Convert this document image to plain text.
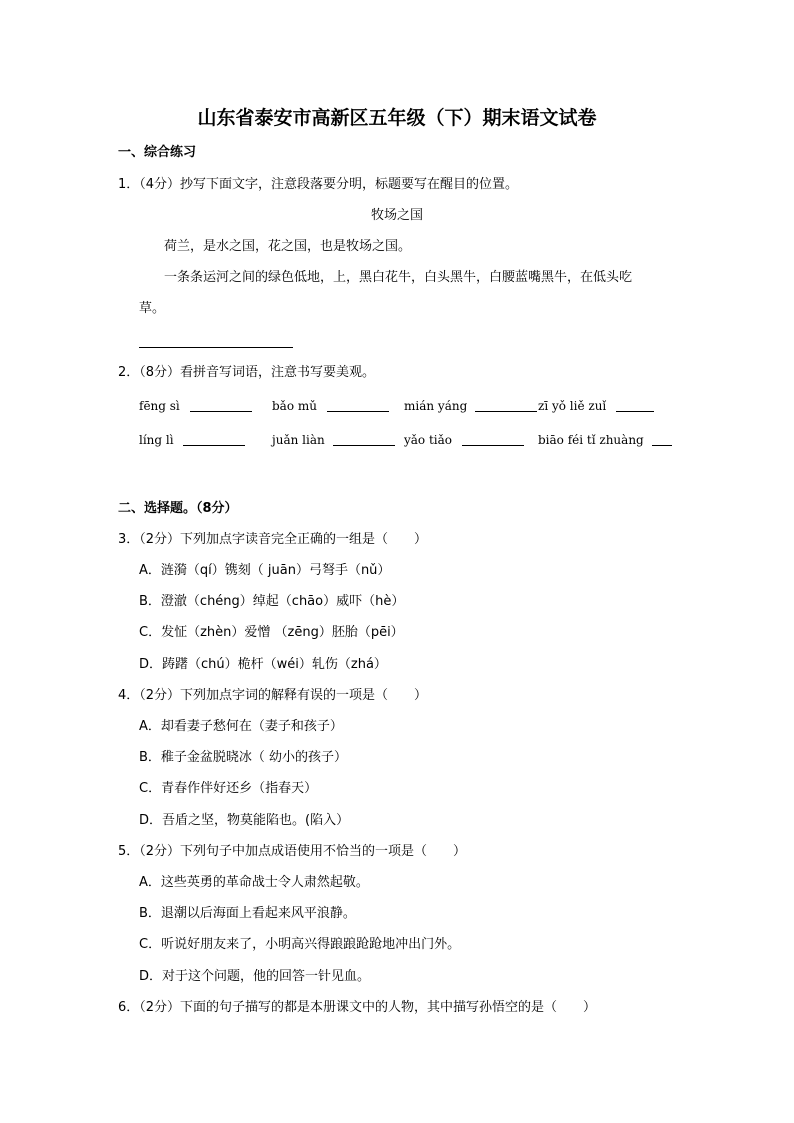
山东省泰安市高新区五年级（下）期末语文试卷
一、综合练习
1．（4分）抄写下面文字，注意段落要分明，标题要写在醒目的位置。
牧场之国
荷兰，是水之国，花之国，也是牧场之国。
一条条运河之间的绿色低地，上，黑白花牛，白头黑牛，白腰蓝嘴黑牛，在低头吃
草。
2．（8分）看拼音写词语，注意书写要美观。
fēng sì	bǎo mǔ	mián yáng	zī yǒ liě zuǐ
líng lì	juǎn liàn	yǎo tiǎo	biāo féi tǐ zhuàng
二、选择题。（8分）
3．（2分）下列加点字读音完全正确的一组是（　　）
A．涟漪（qí）镌刻（ juān）弓弩手（nǔ）
B．澄澈（chéng）绰起（chāo）威吓（hè）
C．发怔（zhèn）爱憎 （zēng）胚胎（pēi）
D．踌躇（chú）桅杆（wéi）轧伤（zhá）
4．（2分）下列加点字词的解释有误的一项是（　　）
A．却看妻子愁何在（妻子和孩子）
B．稚子金盆脱晓冰（ 幼小的孩子）
C．青春作伴好还乡（指春天）
D．吾盾之坚，物莫能陷也。(陷入）
5．（2分）下列句子中加点成语使用不恰当的一项是（　　）
A．这些英勇的革命战士令人肃然起敬。
B．退潮以后海面上看起来风平浪静。
C．听说好朋友来了，小明高兴得踉踉跄跄地冲出门外。
D．对于这个问题，他的回答一针见血。
6．（2分）下面的句子描写的都是本册课文中的人物，其中描写孙悟空的是（　　）
